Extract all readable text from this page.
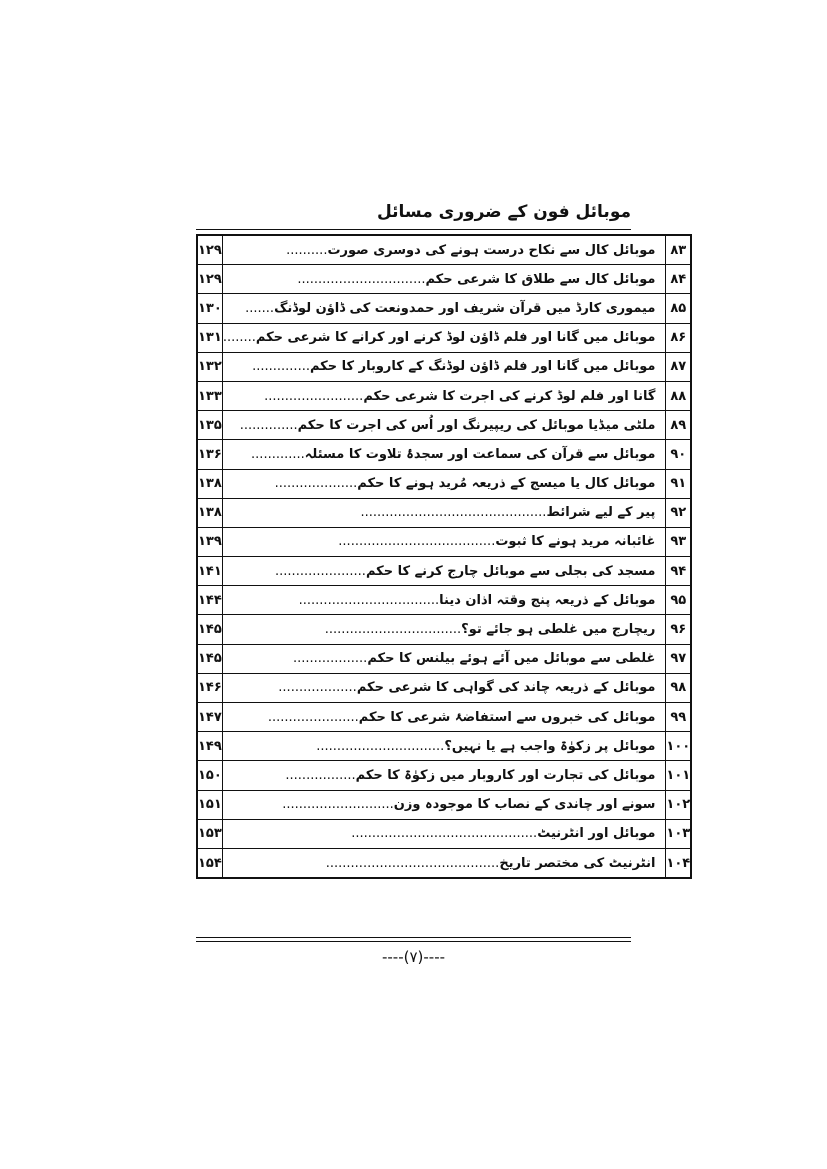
موبائل فون کے ضروری مسائل
۸۳	موبائل کال سے نکاح درست ہونے کی دوسری صورت..........	۱۲۹
۸۴	موبائل کال سے طلاق کا شرعی حکم...............................	۱۲۹
۸۵	میموری کارڈ میں قرآن شریف اور حمدونعت کی ڈاؤن لوڈنگ.......	۱۳۰
۸۶	موبائل میں گانا اور فلم ڈاؤن لوڈ کرنے اور کرانے کا شرعی حکم........	۱۳۱
۸۷	موبائل میں گانا اور فلم ڈاؤن لوڈنگ کے کاروبار کا حکم..............	۱۳۲
۸۸	گانا اور فلم لوڈ کرنے کی اجرت کا شرعی حکم........................	۱۳۳
۸۹	ملٹی میڈیا موبائل کی ریپیرنگ اور اُس کی اجرت کا حکم..............	۱۳۵
۹۰	موبائل سے قرآن کی سماعت اور سجدۂ تلاوت کا مسئلہ.............	۱۳۶
۹۱	موبائل کال یا میسج کے ذریعہ مُرید ہونے کا حکم....................	۱۳۸
۹۲	پیر کے لیے شرائط.............................................	۱۳۸
۹۳	غائبانہ مرید ہونے کا ثبوت......................................	۱۳۹
۹۴	مسجد کی بجلی سے موبائل چارج کرنے کا حکم......................	۱۴۱
۹۵	موبائل کے ذریعہ پنج وقتہ اذان دینا..................................	۱۴۴
۹۶	ریچارج میں غلطی ہو جائے تو؟.................................	۱۴۵
۹۷	غلطی سے موبائل میں آئے ہوئے بیلنس کا حکم..................	۱۴۵
۹۸	موبائل کے ذریعہ چاند کی گواہی کا شرعی حکم...................	۱۴۶
۹۹	موبائل کی خبروں سے استفاضۂ شرعی کا حکم......................	۱۴۷
۱۰۰	موبائل پر زکوٰۃ واجب ہے یا نہیں؟...............................	۱۴۹
۱۰۱	موبائل کی تجارت اور کاروبار میں زکوٰۃ کا حکم.................	۱۵۰
۱۰۲	سونے اور چاندی کے نصاب کا موجودہ وزن...........................	۱۵۱
۱۰۳	موبائل اور انٹرنیٹ.............................................	۱۵۳
۱۰۴	انٹرنیٹ کی مختصر تاریخ..........................................	۱۵۴
----(۷)----
